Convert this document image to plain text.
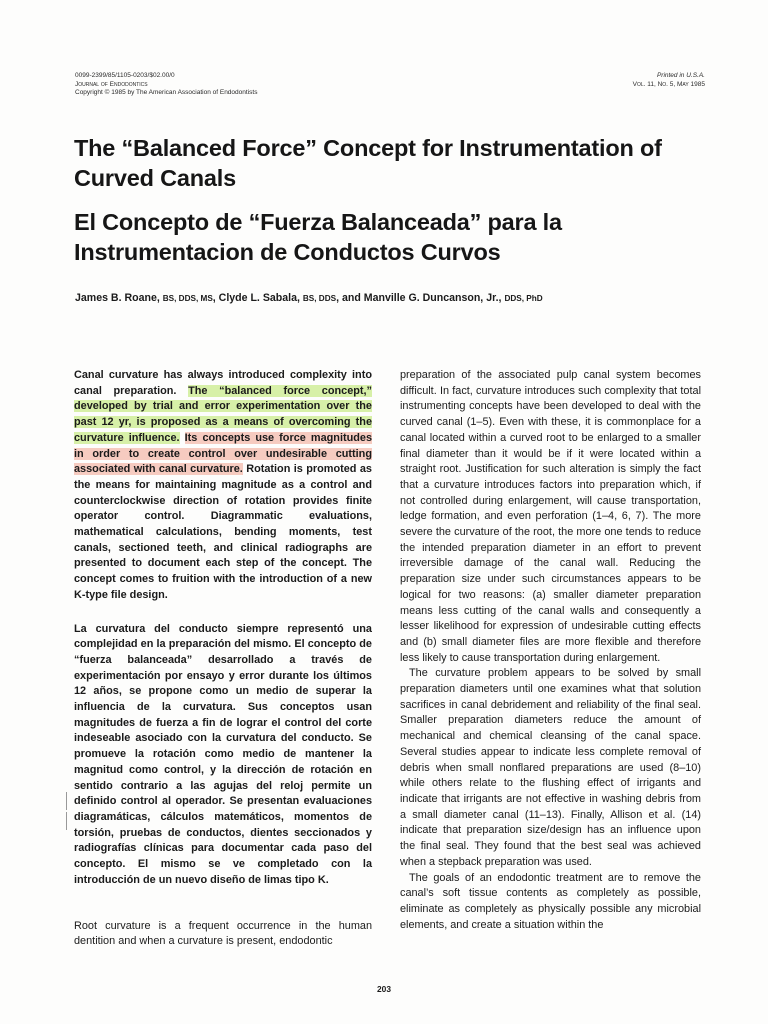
0099-2399/85/1105-0203/$02.00/0
Journal of Endodontics
Copyright © 1985 by The American Association of Endodontists
Printed in U.S.A.
Vol. 11, No. 5, May 1985
The “Balanced Force” Concept for Instrumentation of Curved Canals
El Concepto de “Fuerza Balanceada” para la Instrumentacion de Conductos Curvos
James B. Roane, BS, DDS, MS, Clyde L. Sabala, BS, DDS, and Manville G. Duncanson, Jr., DDS, PhD

Canal curvature has always introduced complexity into canal preparation. The “balanced force concept,” developed by trial and error experimentation over the past 12 yr, is proposed as a means of overcoming the curvature influence. Its concepts use force magnitudes in order to create control over undesirable cutting associated with canal curvature. Rotation is promoted as the means for maintaining magnitude as a control and counterclockwise direction of rotation provides finite operator control. Diagrammatic evaluations, mathematical calculations, bending moments, test canals, sectioned teeth, and clinical radiographs are presented to document each step of the concept. The concept comes to fruition with the introduction of a new K-type file design.

La curvatura del conducto siempre representó una complejidad en la preparación del mismo. El concepto de “fuerza balanceada” desarrollado a través de experimentación por ensayo y error durante los últimos 12 años, se propone como un medio de superar la influencia de la curvatura. Sus conceptos usan magnitudes de fuerza a fin de lograr el control del corte indeseable asociado con la curvatura del conducto. Se promueve la rotación como medio de mantener la magnitud como control, y la dirección de rotación en sentido contrario a las agujas del reloj permite un definido control al operador. Se presentan evaluaciones diagramáticas, cálculos matemáticos, momentos de torsión, pruebas de conductos, dientes seccionados y radiografías clínicas para documentar cada paso del concepto. El mismo se ve completado con la introducción de un nuevo diseño de limas tipo K.

Root curvature is a frequent occurrence in the human dentition and when a curvature is present, endodontic

preparation of the associated pulp canal system becomes difficult. In fact, curvature introduces such complexity that total instrumenting concepts have been developed to deal with the curved canal (1–5). Even with these, it is commonplace for a canal located within a curved root to be enlarged to a smaller final diameter than it would be if it were located within a straight root. Justification for such alteration is simply the fact that a curvature introduces factors into preparation which, if not controlled during enlargement, will cause transportation, ledge formation, and even perforation (1–4, 6, 7). The more severe the curvature of the root, the more one tends to reduce the intended preparation diameter in an effort to prevent irreversible damage of the canal wall. Reducing the preparation size under such circumstances appears to be logical for two reasons: (a) smaller diameter preparation means less cutting of the canal walls and consequently a lesser likelihood for expression of undesirable cutting effects and (b) small diameter files are more flexible and therefore less likely to cause transportation during enlargement.

The curvature problem appears to be solved by small preparation diameters until one examines what that solution sacrifices in canal debridement and reliability of the final seal. Smaller preparation diameters reduce the amount of mechanical and chemical cleansing of the canal space. Several studies appear to indicate less complete removal of debris when small nonflared preparations are used (8–10) while others relate to the flushing effect of irrigants and indicate that irrigants are not effective in washing debris from a small diameter canal (11–13). Finally, Allison et al. (14) indicate that preparation size/design has an influence upon the final seal. They found that the best seal was achieved when a stepback preparation was used.

The goals of an endodontic treatment are to remove the canal’s soft tissue contents as completely as possible, eliminate as completely as physically possible any microbial elements, and create a situation within the

203
